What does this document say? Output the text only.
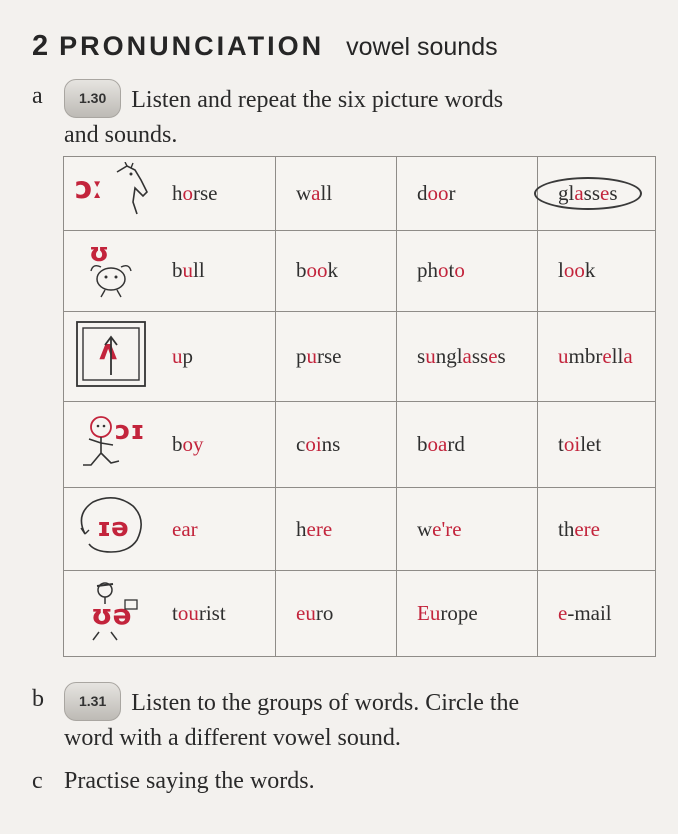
2 PRONUNCIATION vowel sounds
a	1.30 Listen and repeat the six picture words
and sounds.
ɔː	horse	wall	door	glasses

ʊ	bull	book	photo	look

ʌ	up	purse	sunglasses	umbrella

ɔɪ	boy	coins	board	toilet

ɪə	ear	here	we're	there

ʊə	tourist	euro	Europe	e-mail
b	1.31 Listen to the groups of words. Circle the
word with a different vowel sound.
c Practise saying the words.
